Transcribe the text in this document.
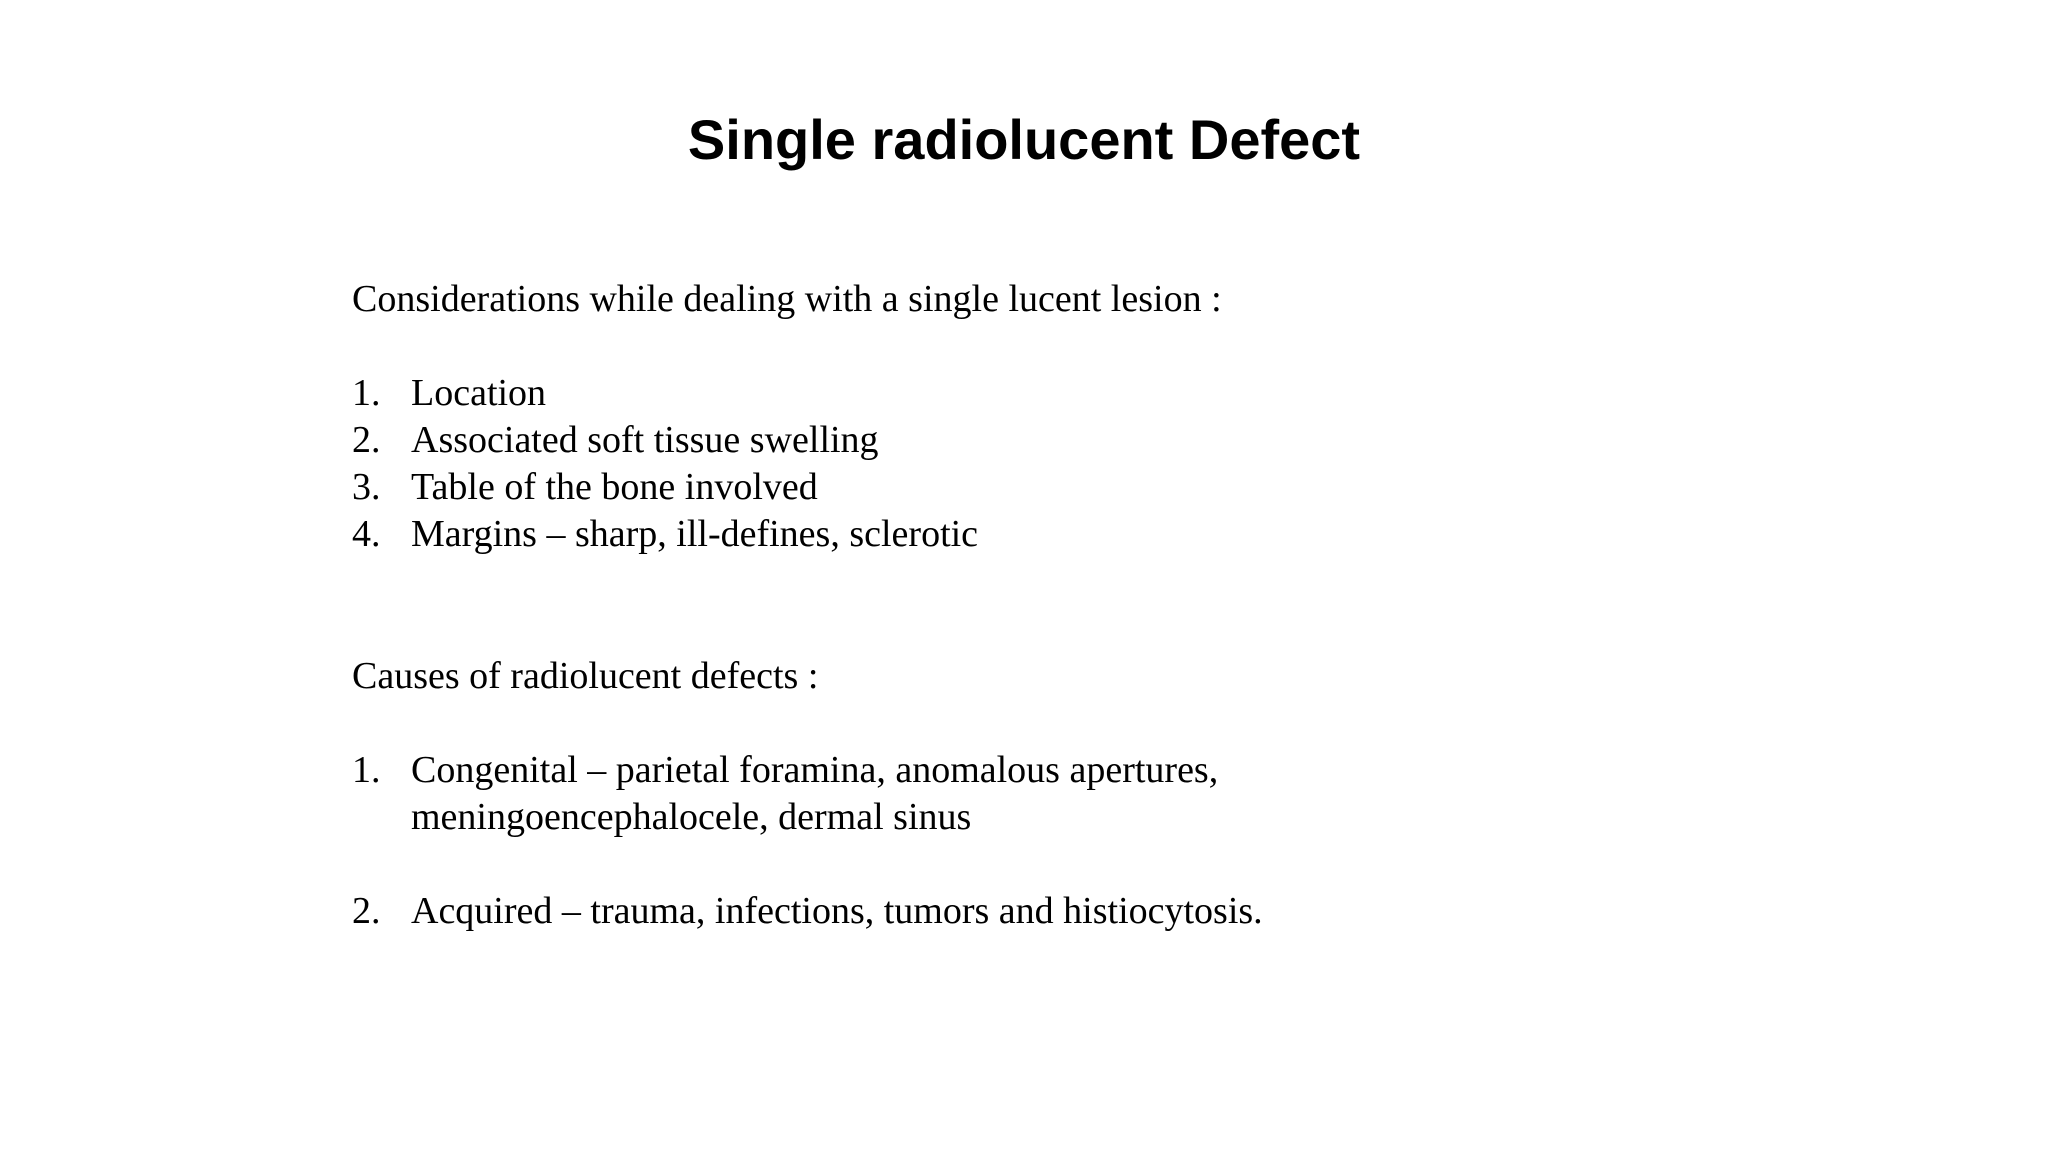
Single radiolucent Defect

Considerations while dealing with a single lucent lesion :

1. Location
2. Associated soft tissue swelling
3. Table of the bone involved
4. Margins – sharp, ill-defines, sclerotic

Causes of radiolucent defects :

1. Congenital – parietal foramina, anomalous apertures,
meningoencephalocele, dermal sinus
2. Acquired – trauma, infections, tumors and histiocytosis.
